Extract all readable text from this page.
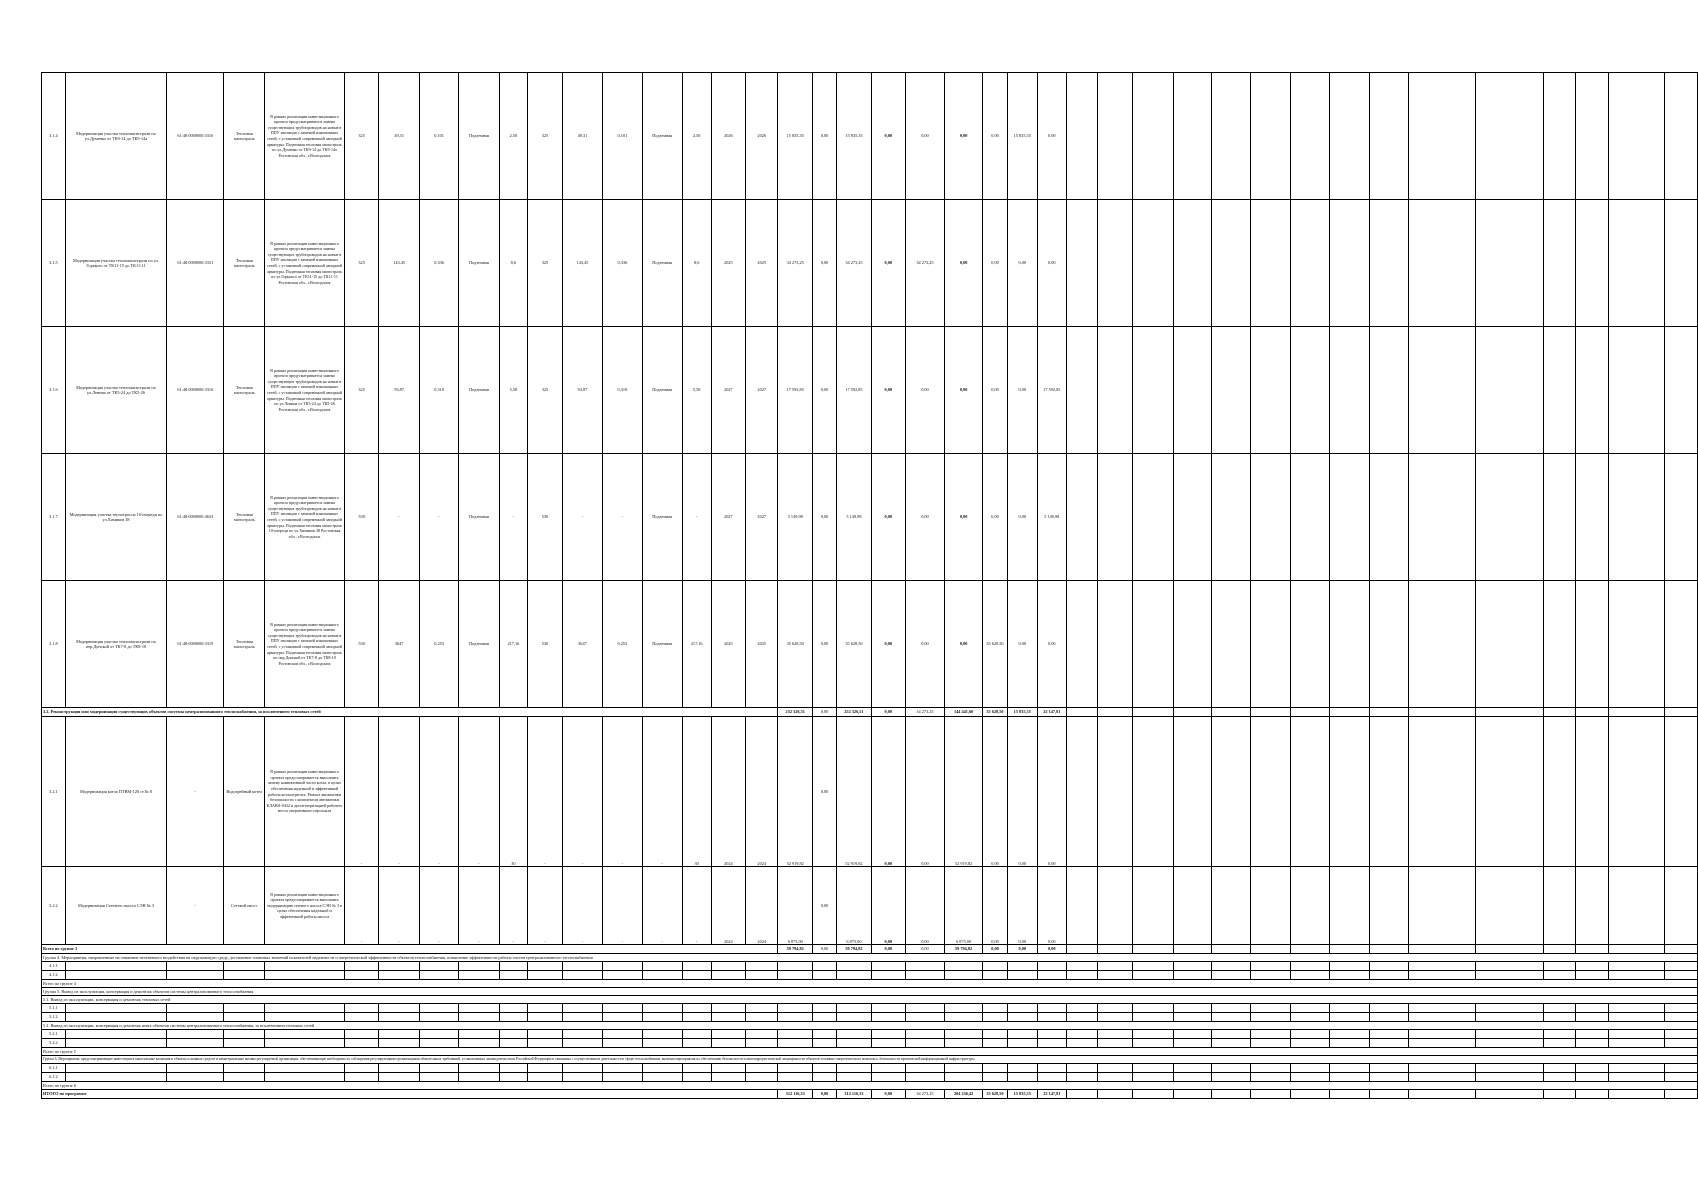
3.1.4	Модернизация участка тепломагистрали по ул.Думенко от ТК9-14 до ТК9-14а	61:48:0000000:3316	Тепловая магистраль	В рамках реализации инвестиционного проекта предусматривается замена существующих трубопроводов на новые в ППУ изоляции с заменой изношенных сетей, с установкой современной запорной арматуры. Подземная тепловая магистраль по ул.Думенко от ТК9-14 до ТК9-14а Ростовская обл., г.Волгодонск	325	49,31	0,101	Подземная	2,50	325	49,31	0,101	Подземная	2,50	2026	2026	15 835,35	0,00	15 835,35	0,00	0,00	0,00	0,00	15 835,35	0,00															
3.1.5	Модернизация участка тепломагистрали по ул. Горького от ТК11-15 до ТК11-11	61:48:0000000:3331	Тепловая магистраль	В рамках реализации инвестиционного проекта предусматривается замена существующих трубопроводов на новые в ППУ изоляции с заменой изношенных сетей, с установкой современной запорной арматуры. Подземная тепловая магистраль по ул.Горького от ТК11-15 до ТК11-11 Ростовская обл., г.Волгодонск	325	143,45	0,336	Подземная	8,6	325	143,45	0,336	Подземная	8,6	2025	2025	34 273,25	0,00	34 273,25	0,00	34 273,25	0,00	0,00	0,00	0,00															
3.1.6	Модернизация участка тепломагистрали по ул.Ленина от ТК5-24 до ТК5-26	61:48:0000000:3316	Тепловая магистраль	В рамках реализации инвестиционного проекта предусматривается замена существующих трубопроводов на новые в ППУ изоляции с заменой изношенных сетей, с установкой современной запорной арматуры. Подземная тепловая магистраль по ул.Ленина от ТК5-24 до ТК5-26 Ростовская обл., г.Волгодонск	325	93,87	0,318	Подземная	5,58	325	93,87	0,318	Подземная	5,58	2027	2027	17 592,85	0,00	17 592,85	0,00	0,00	0,00	0,00	0,00	17 592,85															
3.1.7	Модернизация участка теплотрассы 10-очереди по ул.Химиков 38	61:48:0000000:4633	Тепловая магистраль	В рамках реализации инвестиционного проекта предусматривается замена существующих трубопроводов на новые в ППУ изоляции с заменой изношенных сетей, с установкой современной запорной арматуры. Подземная тепловая магистраль 10-очереди по ул.Химиков 38 Ростовская обл., г.Волгодонск	530	-	-	Подземная	-	530	-	-	Подземная	-	2027	2027	5 149,98	0,00	5 149,98	0,00	0,00	0,00	0,00	0,00	5 149,98															
3.1.8	Модернизация участка тепломагистрали по пер.Донской от ТК7-8 до ТК8-10	61:48:0000000:3319	Тепловая магистраль	В рамках реализации инвестиционного проекта предусматривается замена существующих трубопроводов на новые в ППУ изоляции с заменой изношенных сетей, с установкой современной запорной арматуры. Подземная тепловая магистраль по пер.Донской от ТК7-8 до ТК8-10 Ростовская обл., г.Волгодонск	530	3647	0,253	Подземная	217,16	530	3647	0,253	Подземная	217,16	2025	2025	35 628,50	0,00	35 628,50	0,00	0,00	0,00	35 628,50	0,00	0,00															
3.2. Реконструкция или модернизация существующих объектов системы централизованного теплоснабжения, за исключением тепловых сетей																	252 326,51	0,00	252 326,51	0,00	34 273,25	144 441,60	35 628,50	15 835,35	22 147,81															
3.2.1	Модернизация котла ПТВМ-120 ст.№ 8	-	Водогрейный котел	В рамках реализации инвестиционного проекта предусматривается выполнить замену конвективной части котла, в целях обеспечения надежной и эффективной работы котлоагрегата. Ремонт автоматики безопасности с комплектом автоматики КЛАВА-0432 и диспетчеризацией рабочего места оперативного персонала	-	-	-	-	30	-	-	-	-	30	2024	2024	52 919,82	0,00	52 919,82	0,00	0,00	52 919,82	0,00	0,00	0,00															
3.2.2	Модернизация Сетевого насоса СЭН № 3	-	Сетевой насос	В рамках реализации инвестиционного проекта предусматривается выполнить модернизацию сетевого насоса СЭН № 3 в целях обеспечения надежной и эффективной работы насоса	-	-	-	-	-	-	-	-	-	-	2024	2024	6 875,00	0,00	6 875,00	0,00	0,00	6 875,00	0,00	0,00	0,00															
Всего по группе 3																	59 794,82	0,00	59 794,82	0,00	0,00	59 794,82	0,00	0,00	0,00															
Группа 4. Мероприятия, направленные на снижение негативного воздействия на окружающую среду, достижение плановых значений показателей надежности и энергетической эффективности объектов теплоснабжения, повышение эффективности работы систем централизованного теплоснабжения																																								
4.1.1																																								
4.1.2																																								
Всего по группе 4																																								
Группа 5. Вывод из эксплуатации, консервация и демонтаж объектов системы централизованного теплоснабжения																																								
5.1. Вывод из эксплуатации, консервация и демонтаж тепловых сетей																																								
5.1.1																																								
5.1.2																																								
5.2. Вывод из эксплуатации, консервация и демонтаж иных объектов системы централизованного теплоснабжения, за исключением тепловых сетей																																								
5.2.1																																								
5.2.2																																								
Всего по группе 5																																								
Группа 6. Мероприятия, предусматривающие инвестиции в капитальные вложения в объекты основных средств и нематериальные активы регулируемой организации, обеспечивающие необходимость соблюдения регулирующими организациями обязательных требований, установленных законодательством Российской Федерации и связанных с осуществлением деятельности в сфере теплоснабжения, включая мероприятия по обеспечению безопасности и антитеррористической защищенности объектов топливно-энергетического комплекса, безопасности критической информационной инфраструктуры																																								
6.1.1																																								
6.1.2																																								
Всего по группе 6																																								
ИТОГО по программе																	312 116,33	0,00	312 116,33	0,00	34 273,25	204 236,42	35 628,50	15 835,35	22 147,81															
